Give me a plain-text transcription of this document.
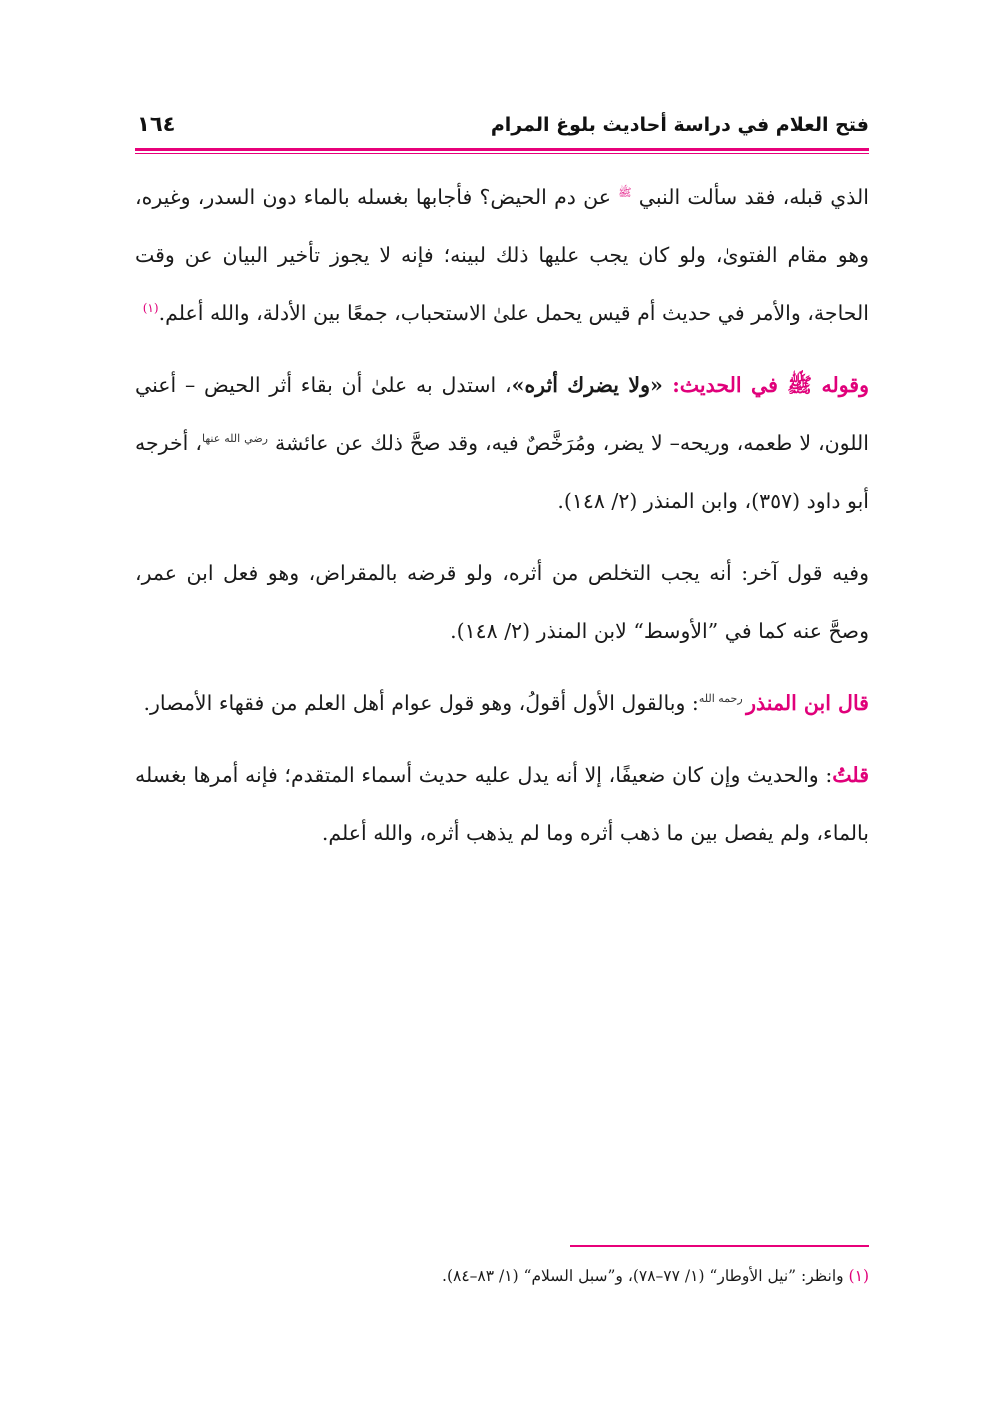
فتح العلام في دراسة أحاديث بلوغ المرام
١٦٤

الذي قبله، فقد سألت النبي $^ﷺ$ عن دم الحيض؟ فأجابها بغسله بالماء دون السدر، وغيره، وهو مقام الفتوىٰ، ولو كان يجب عليها ذلك لبينه؛ فإنه لا يجوز تأخير البيان عن وقت الحاجة، والأمر في حديث أم قيس يحمل علىٰ الاستحباب، جمعًا بين الأدلة، والله أعلم.$^{(١)}$

وقوله ﷺ في الحديث: «ولا يضرك أثره»، استدل به علىٰ أن بقاء أثر الحيض – أعني اللون، لا طعمه، وريحه– لا يضر، ومُرَخَّصٌ فيه، وقد صحَّ ذلك عن عائشة $^{رضي الله عنها}$، أخرجه أبو داود (٣٥٧)، وابن المنذر (٢/ ١٤٨).

وفيه قول آخر: أنه يجب التخلص من أثره، ولو قرضه بالمقراض، وهو فعل ابن عمر، وصحَّ عنه كما في ”الأوسط“ لابن المنذر (٢/ ١٤٨).

قال ابن المنذر $^{رحمه الله}$: وبالقول الأول أقولُ، وهو قول عوام أهل العلم من فقهاء الأمصار.

قلتُ: والحديث وإن كان ضعيفًا، إلا أنه يدل عليه حديث أسماء المتقدم؛ فإنه أمرها بغسله بالماء، ولم يفصل بين ما ذهب أثره وما لم يذهب أثره، والله أعلم.

(١) وانظر: ”نيل الأوطار“ (١/ ٧٧–٧٨)، و”سبل السلام“ (١/ ٨٣–٨٤).
